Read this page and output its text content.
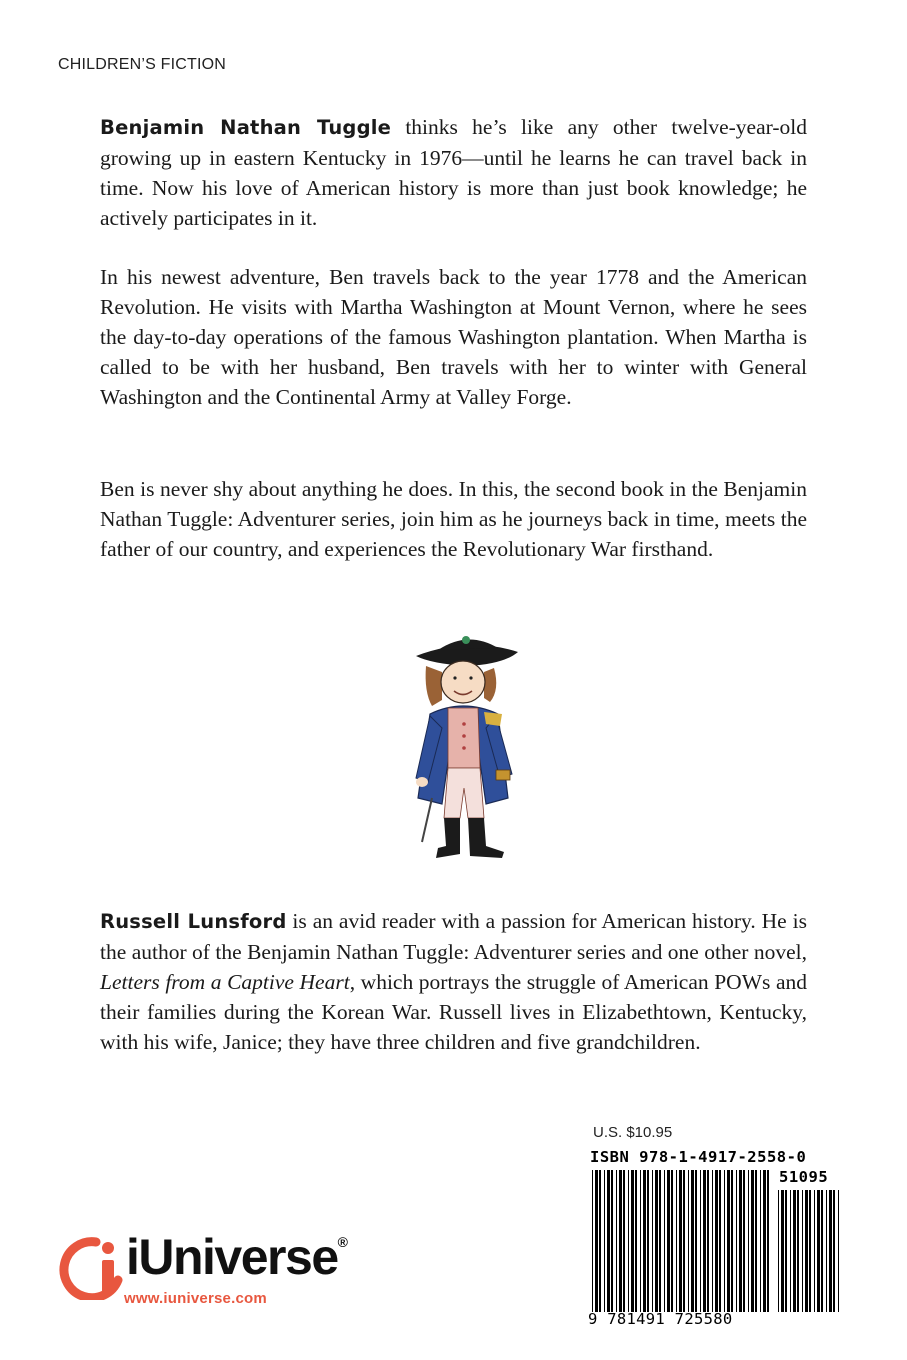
CHILDREN’S FICTION

Benjamin Nathan Tuggle thinks he’s like any other twelve-year-old growing up in eastern Kentucky in 1976—until he learns he can travel back in time. Now his love of American history is more than just book knowledge; he actively participates in it.

In his newest adventure, Ben travels back to the year 1778 and the American Revolution. He visits with Martha Washington at Mount Vernon, where he sees the day-to-day operations of the famous Washington plantation. When Martha is called to be with her husband, Ben travels with her to winter with General Washington and the Continental Army at Valley Forge.

Ben is never shy about anything he does. In this, the second book in the Benjamin Nathan Tuggle: Adventurer series, join him as he journeys back in time, meets the father of our country, and experiences the Revolutionary War firsthand.

Russell Lunsford is an avid reader with a passion for American history. He is the author of the Benjamin Nathan Tuggle: Adventurer series and one other novel, Letters from a Captive Heart, which portrays the struggle of American POWs and their families during the Korean War. Russell lives in Elizabethtown, Kentucky, with his wife, Janice; they have three children and five grandchildren.

U.S. $10.95
ISBN 978-1-4917-2558-0
51095
9 781491 725580
iUniverse®
www.iuniverse.com
